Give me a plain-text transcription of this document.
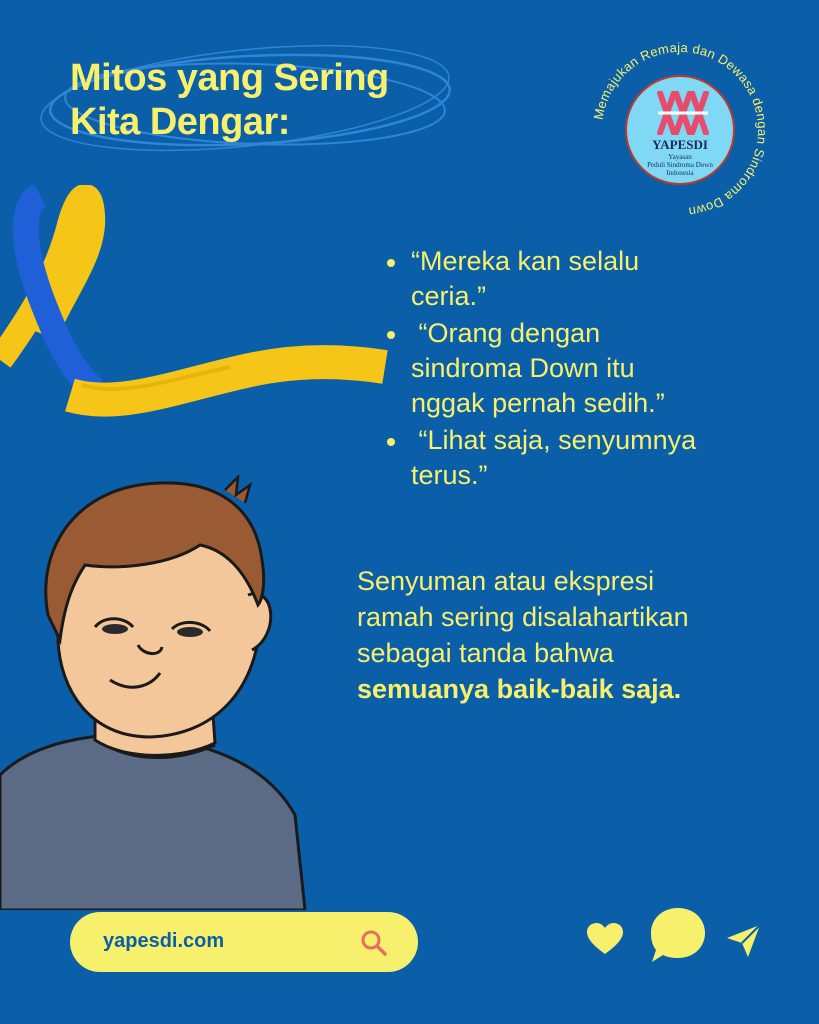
Mitos yang Sering
Kita Dengar:	Memajukan Remaja dan Dewasa dengan Sindroma Down
YAPESDI
Yayasan
Peduli Sindroma Down
Indonesia
“Mereka kan selalu
ceria.”
“Orang dengan
sindroma Down itu
nggak pernah sedih.”
“Lihat saja, senyumnya
terus.”
Senyuman atau ekspresi
ramah sering disalahartikan
sebagai tanda bahwa
semuanya baik-baik saja.
yapesdi.com
